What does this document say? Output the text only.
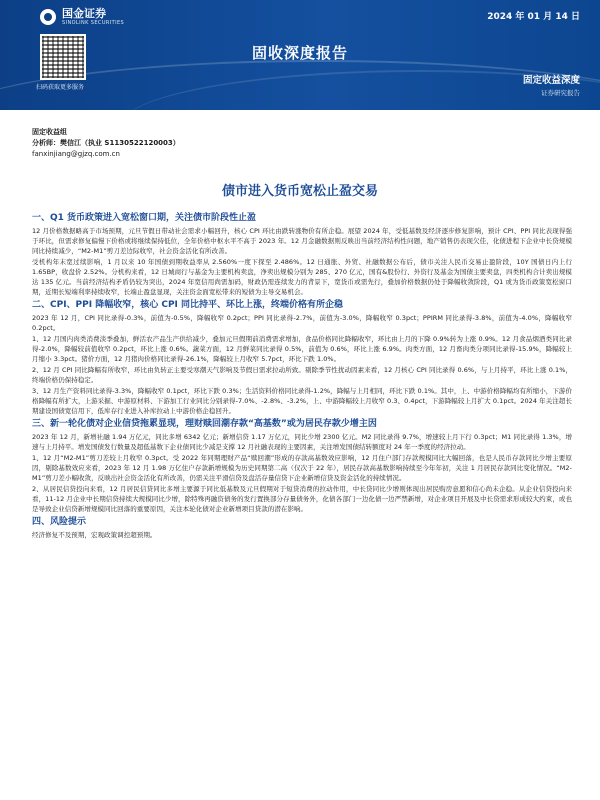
国金证券
SINOLINK SECURITIES
扫码获取更多服务
2024 年 01 月 14 日
固收深度报告
固定收益深度
证券研究报告
固定收益组
分析师：樊信江（执业 S1130522120003）
fanxinjiang@gjzq.com.cn
债市进入货币宽松止盈交易
一、Q1 货币政策进入宽松窗口期，关注债市阶段性止盈

12 月价格数据略高于市场预期，元旦节假日带动社会需求小幅回升，核心 CPI 环比由跌转涨物价有所企稳。展望 2024 年，受低基数及经济逐步修复影响，预计 CPI、PPI 同比表现得强于环比，但需求修复偏慢下价格或将继续保持低位，全年价格中枢水平不高于 2023 年。12 月金融数据则反映出当前经济结构性问题，地产销售仍表现欠佳，化债进程下企业中长贷规模同比持续减少，“M2-M1”剪刀差边际收窄，社会资金活化有所改善。

受机构年末宽过续影响，1 月以来 10 年国债到期收益率从 2.560%一度下探至 2.486%。12 日通胀、外贸、社融数据公布后，债市关注人民币交易止盈阶段，10Y 国债日内上行 1.65BP，收盘价 2.52%。分机构来看，12 日城商行与基金为主要机构卖盘，净卖出规模分别为 285、270 亿元，国有&股份行、外资行及基金为国债主要卖盘，四类机构合计卖出规模达 135 亿元。当前经济结构矛盾仍较为突出，2024 年宽信用尚需加码，财政仍需连续发力的背景下，宽货币或需先行，叠加价格数据仍处于降幅收敛阶段，Q1 或为货币政策宽松窗口期，近期长短端利率持续收窄，长端止盈盘显现，关注资金面宽松带来的短债为主导交易机会。

二、CPI、PPI 降幅收窄，核心 CPI 同比持平、环比上涨，终端价格有所企稳

2023 年 12 月，CPI 同比录得-0.3%，前值为-0.5%，降幅收窄 0.2pct；PPI 同比录得-2.7%，前值为-3.0%，降幅收窄 0.3pct；PPIRM 同比录得-3.8%，前值为-4.0%，降幅收窄 0.2pct。

1、12 月国内肉类消费淡季叠加，鲜活农产品生产供给减少，叠加元旦假期前消费需求增加，食品价格同比降幅收窄，环比由上月的下降 0.9%转为上涨 0.9%。12 月食品烟酒类同比录得-2.0%，降幅较前值收窄 0.2pct，环比上涨 0.6%。蔬菜方面，12 月鲜菜同比录得 0.5%，前值为 0.6%，环比上涨 6.9%。肉类方面，12 月畜肉类分项同比录得-15.9%，降幅较上月缩小 3.3pct。猪价方面，12 月猪肉价格同比录得-26.1%，降幅较上月收窄 5.7pct，环比下跌 1.0%。

2、12 月 CPI 同比降幅有所收窄，环比由负转正主要受寒潮天气影响及节假日需求拉动所致。剔除季节性扰动因素来看，12 月核心 CPI 同比录得 0.6%，与上月持平，环比上涨 0.1%，终端价格仍保持稳定。

3、12 月生产资料同比录得-3.3%，降幅收窄 0.1pct，环比下跌 0.3%；生活资料价格同比录得-1.2%，降幅与上月相同，环比下跌 0.1%。其中，上、中游价格降幅均有所缩小，下游价格降幅有所扩大，上游采掘、中游原材料、下游加工行业同比分别录得-7.0%、-2.8%、-3.2%，上、中游降幅较上月收窄 0.3、0.4pct，下游降幅较上月扩大 0.1pct。2024 年关注超长期建设国债宽信用下，低库存行业进入补库拉动上中游价格企稳回升。

三、新一轮化债对企业信贷拖累显现，理财赎回潮存款“高基数”或为居民存款少增主因

2023 年 12 月，新增社融 1.94 万亿元，同比多增 6342 亿元；新增信贷 1.17 万亿元，同比少增 2300 亿元。M2 同比录得 9.7%，增速较上月下行 0.3pct；M1 同比录得 1.3%，增速与上月持平。增发国债发行数量及超低基数下企业债同比少减是支撑 12 月社融表现的主要因素，关注增发国债结转额度对 24 年一季度的经济拉动。

1、12 月“M2-M1”剪刀差较上月收窄 0.3pct。受 2022 年同期理财产品“赎回潮”形成的存款高基数效应影响，12 月住户部门存款规模同比大幅回落，也是人民币存款同比少增主要原因，剔除基数效应来看，2023 年 12 月 1.98 万亿住户存款新增规模为历史同期第二高（仅次于 22 年），居民存款高基数影响持续至今年年初，关注 1 月居民存款同比变化情况。“M2-M1”剪刀差小幅收敛，反映出社会资金活化有所改善，仍需关注平滑信贷及盘活存量信贷下企业新增信贷及资金活化的持续情况。

2、从居民信贷投向来看，12 月居民信贷同比多增主要源于同比低基数及元旦假期对于短贷消费的拉动作用，中长贷同比少增则体现出居民购房意愿和信心尚未企稳。从企业信贷投向来看，11-12 月企业中长期信贷持续大规模同比少增，除特殊再融资债务的发行置换部分存量债务外，化债各部门一边化债一边严禁新增，对企业项目开展及中长贷需求形成较大约束，或也是导致企业信贷新增规模同比回落的重要原因，关注本轮化债对企业新增项目贷款的潜在影响。

四、风险提示

经济修复不及预期，宏观政策调控超预期。
